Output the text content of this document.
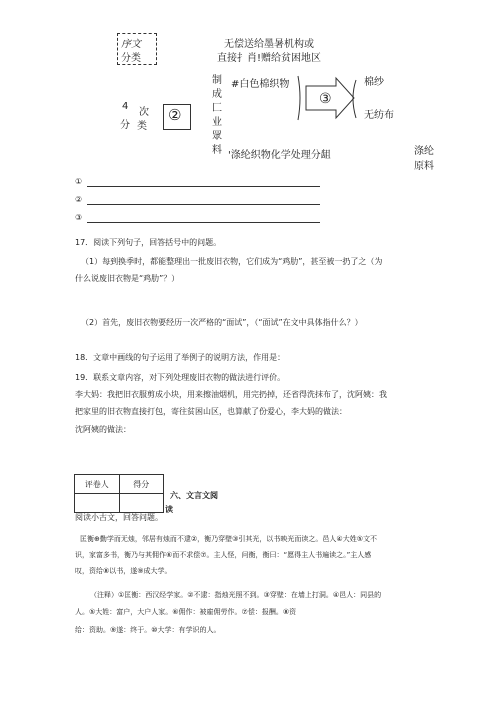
序文
分类
无偿送给墨暑机构或
直接扌肖!赠给贫困地区
4
分
次
类
②
制成匚业眾料
#白色棉织物
③
棉纱
无纺布
'涤纶织物化学处理分龃	涤纶
原料
①
②
③
17．阅读下列句子，回答括号中的问题。
（1）每到换季时，都能整理出一批废旧衣物，它们成为“鸡肋”，甚至被一扔了之（为
什么说废旧衣物是“鸡肋”？）
（2）首先，废旧衣物要经历一次严格的“面试”，（“面试”在文中具体指什么？）
18．文章中画线的句子运用了举例子的说明方法，作用是：
19．联系文章内容，对下列处理废旧衣物的做法进行评价。
李大妈：我把旧衣服剪成小块，用来擦油烟机，用完扔掉，还省得洗抹布了，沈阿姨：我
把家里的旧衣物直接打包，寄往贫困山区，也算献了份爱心，李大妈的做法：
沈阿姨的做法：
评卷人	得分

六、文言文阅
读
阅读小古文，回答问题。
匡衡⊕勤学而无烛，邻居有烛而不逮②，衡乃穿壁③引其光，以书映光而读之。邑人④大姓⑤文不
识，家富多书，衡乃与其佣作⑥而不求偿⑦。主人怪，问衡，衡曰：“愿得主人书遍读之。”主人感
叹，资给⑧以书，遂⑨成大学。
（注释）①匡衡：西汉经学家。②不逮：指烛光照不到。③穿壁：在墙上打洞。④邑人：同县的
人。⑤大姓：富户，大户人家。⑥佣作：被雇佣劳作。⑦偿：报酬。⑧资
给：资助。⑨遂：终于。⑩大学：有学识的人。
